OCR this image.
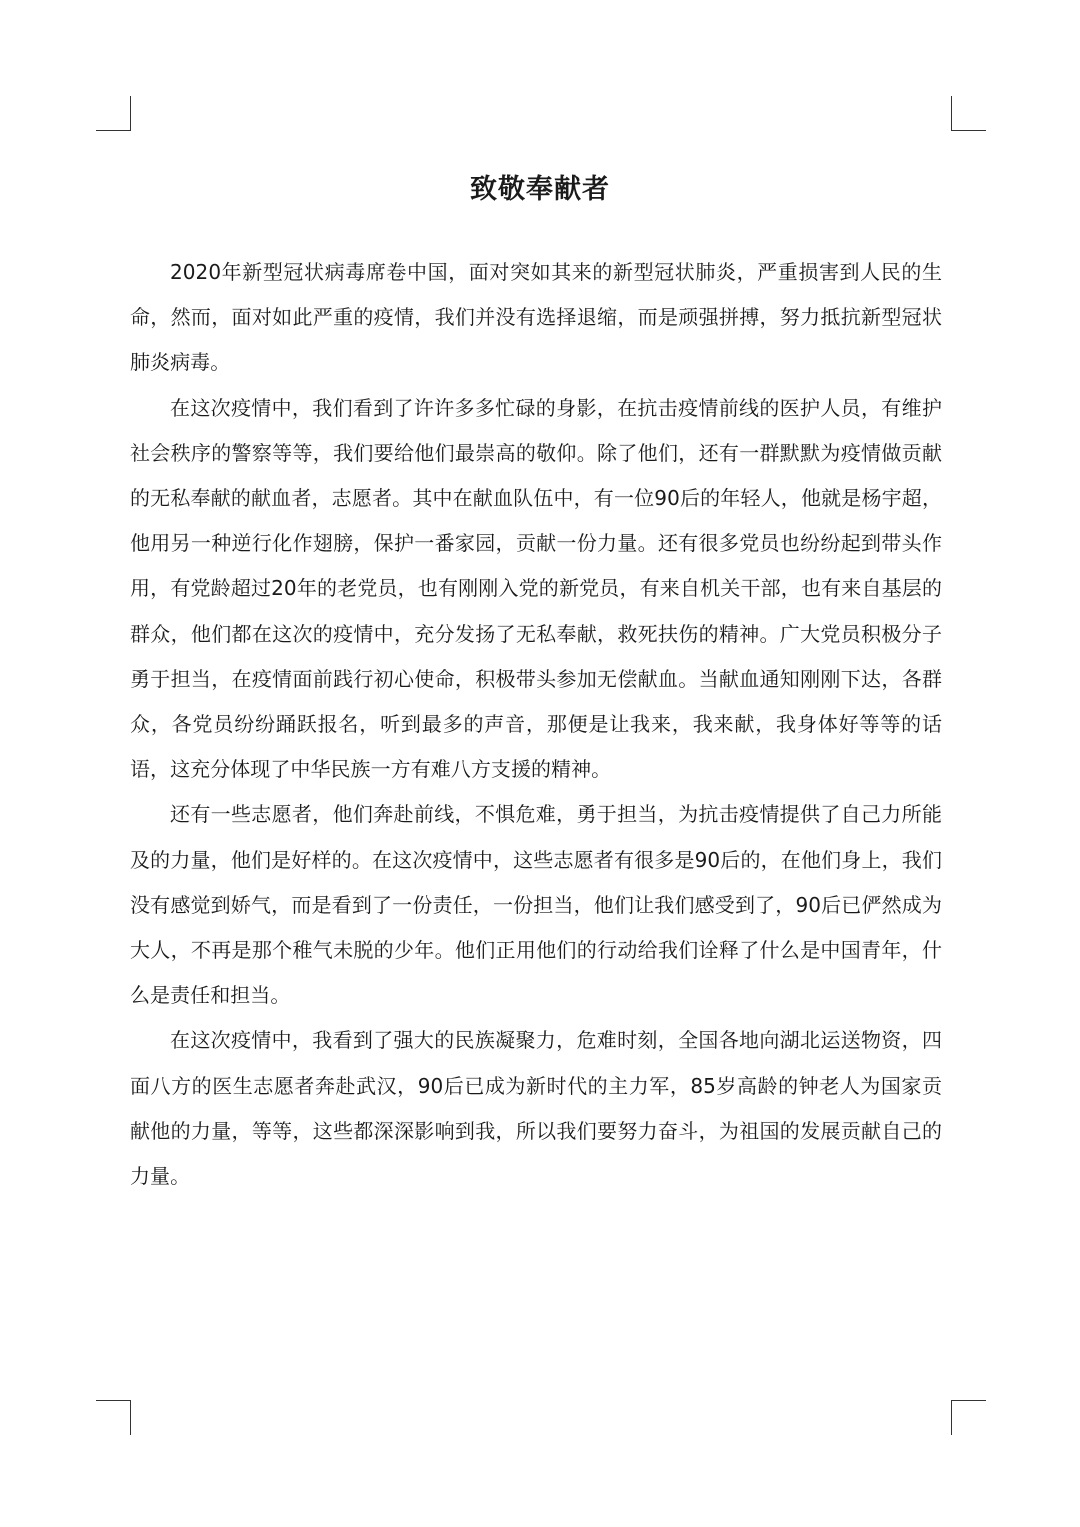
致敬奉献者

2020年新型冠状病毒席卷中国，面对突如其来的新型冠状肺炎，严重损害到人民的生命，然而，面对如此严重的疫情，我们并没有选择退缩，而是顽强拼搏，努力抵抗新型冠状肺炎病毒。

在这次疫情中，我们看到了许许多多忙碌的身影，在抗击疫情前线的医护人员，有维护社会秩序的警察等等，我们要给他们最崇高的敬仰。除了他们，还有一群默默为疫情做贡献的无私奉献的献血者，志愿者。其中在献血队伍中，有一位90后的年轻人，他就是杨宇超，他用另一种逆行化作翅膀，保护一番家园，贡献一份力量。还有很多党员也纷纷起到带头作用，有党龄超过20年的老党员，也有刚刚入党的新党员，有来自机关干部，也有来自基层的群众，他们都在这次的疫情中，充分发扬了无私奉献，救死扶伤的精神。广大党员积极分子勇于担当，在疫情面前践行初心使命，积极带头参加无偿献血。当献血通知刚刚下达，各群众，各党员纷纷踊跃报名，听到最多的声音，那便是让我来，我来献，我身体好等等的话语，这充分体现了中华民族一方有难八方支援的精神。

还有一些志愿者，他们奔赴前线，不惧危难，勇于担当，为抗击疫情提供了自己力所能及的力量，他们是好样的。在这次疫情中，这些志愿者有很多是90后的，在他们身上，我们没有感觉到娇气，而是看到了一份责任，一份担当，他们让我们感受到了，90后已俨然成为大人，不再是那个稚气未脱的少年。他们正用他们的行动给我们诠释了什么是中国青年，什么是责任和担当。

在这次疫情中，我看到了强大的民族凝聚力，危难时刻，全国各地向湖北运送物资，四面八方的医生志愿者奔赴武汉，90后已成为新时代的主力军，85岁高龄的钟老人为国家贡献他的力量，等等，这些都深深影响到我，所以我们要努力奋斗，为祖国的发展贡献自己的力量。
